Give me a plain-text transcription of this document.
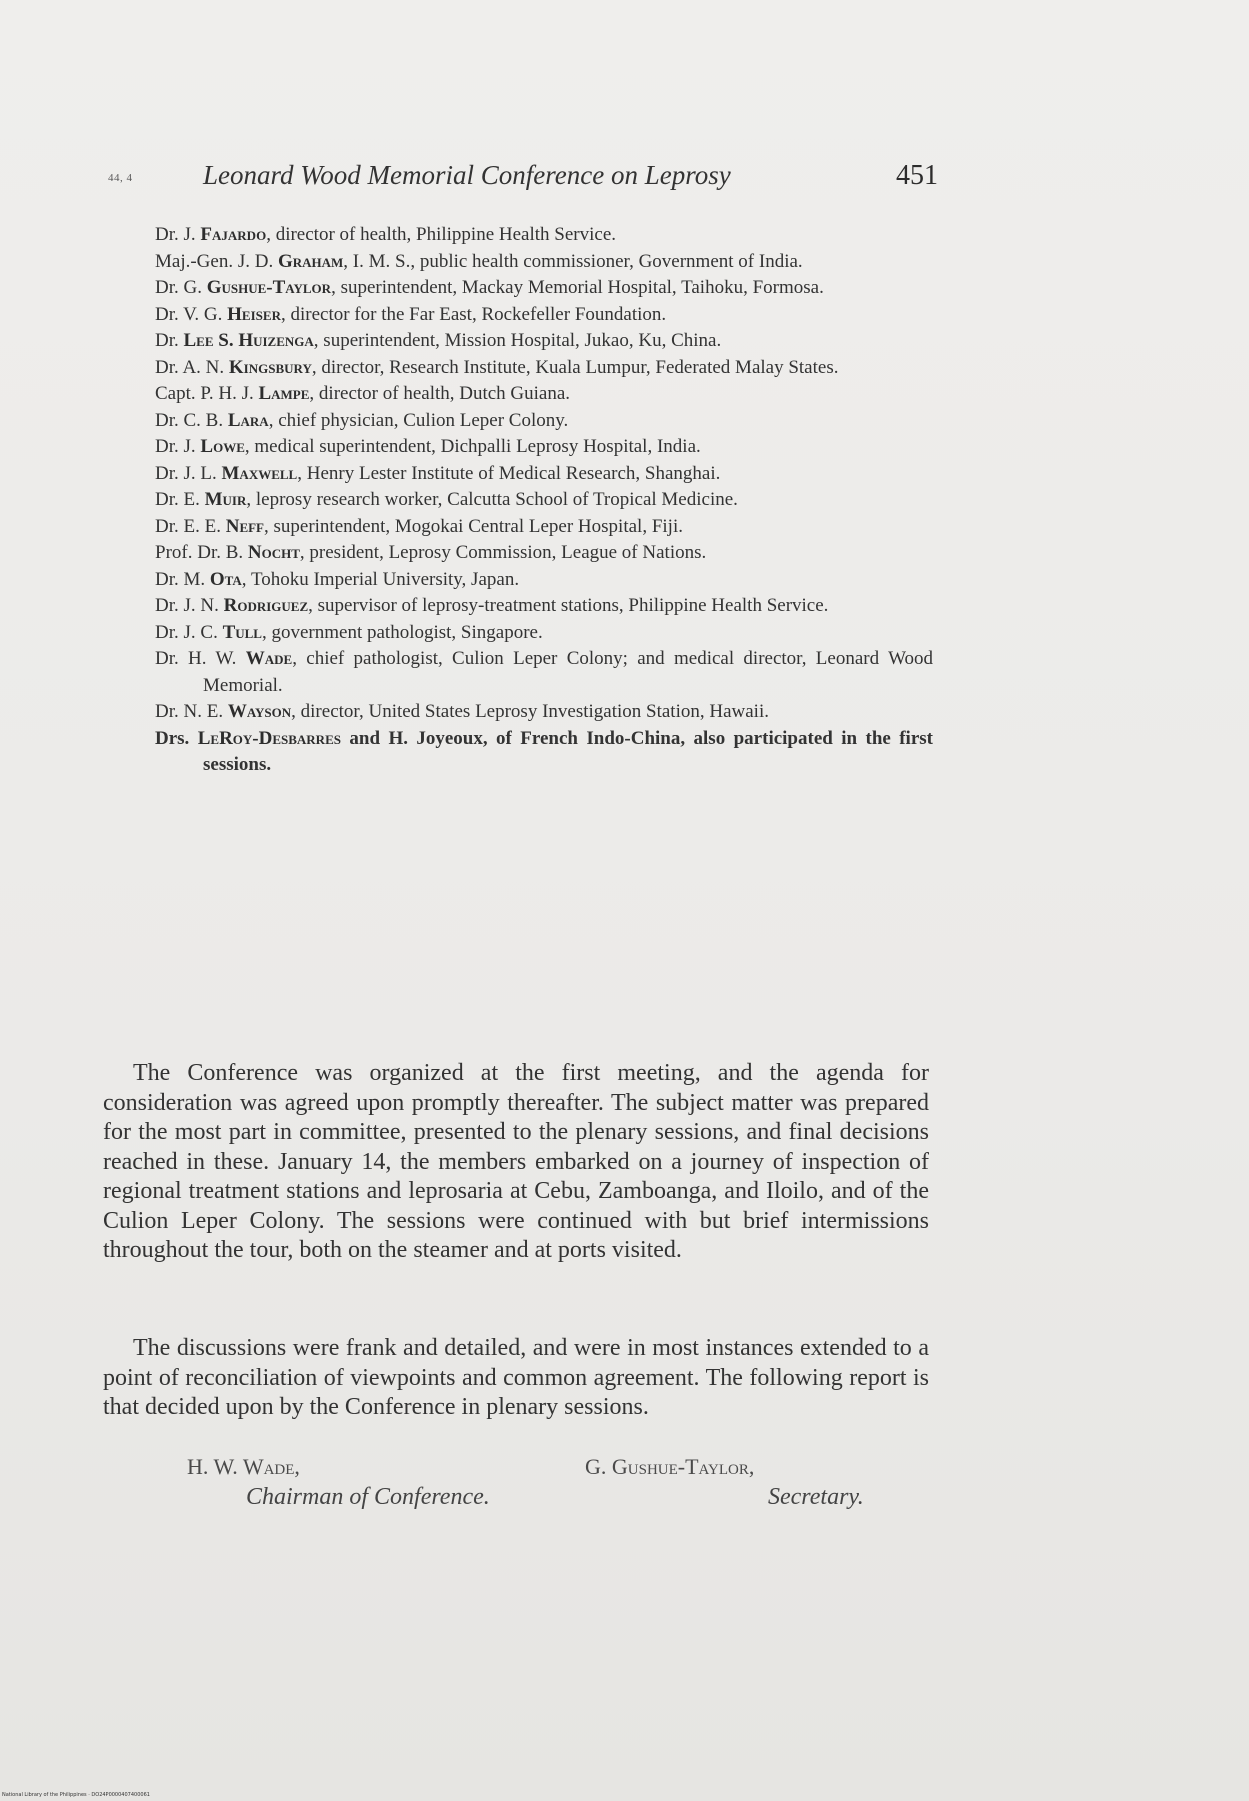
44, 4	Leonard Wood Memorial Conference on Leprosy	451
Dr. J. Fajardo, director of health, Philippine Health Service.
Maj.-Gen. J. D. Graham, I. M. S., public health commissioner, Government of India.
Dr. G. Gushue-Taylor, superintendent, Mackay Memorial Hospital, Taihoku, Formosa.
Dr. V. G. Heiser, director for the Far East, Rockefeller Foundation.
Dr. Lee S. Huizenga, superintendent, Mission Hospital, Jukao, Ku, China.
Dr. A. N. Kingsbury, director, Research Institute, Kuala Lumpur, Federated Malay States.
Capt. P. H. J. Lampe, director of health, Dutch Guiana.
Dr. C. B. Lara, chief physician, Culion Leper Colony.
Dr. J. Lowe, medical superintendent, Dichpalli Leprosy Hospital, India.
Dr. J. L. Maxwell, Henry Lester Institute of Medical Research, Shanghai.
Dr. E. Muir, leprosy research worker, Calcutta School of Tropical Medicine.
Dr. E. E. Neff, superintendent, Mogokai Central Leper Hospital, Fiji.
Prof. Dr. B. Nocht, president, Leprosy Commission, League of Nations.
Dr. M. Ota, Tohoku Imperial University, Japan.
Dr. J. N. Rodriguez, supervisor of leprosy-treatment stations, Philippine Health Service.
Dr. J. C. Tull, government pathologist, Singapore.
Dr. H. W. Wade, chief pathologist, Culion Leper Colony; and medical director, Leonard Wood Memorial.
Dr. N. E. Wayson, director, United States Leprosy Investigation Station, Hawaii.
Drs. LeRoy-Desbarres and H. Joyeoux, of French Indo-China, also participated in the first sessions.

The Conference was organized at the first meeting, and the agenda for consideration was agreed upon promptly thereafter. The subject matter was prepared for the most part in committee, presented to the plenary sessions, and final decisions reached in these. January 14, the members embarked on a journey of inspection of regional treatment stations and leprosaria at Cebu, Zamboanga, and Iloilo, and of the Culion Leper Colony. The sessions were continued with but brief intermissions throughout the tour, both on the steamer and at ports visited.

The discussions were frank and detailed, and were in most instances extended to a point of reconciliation of viewpoints and common agreement. The following report is that decided upon by the Conference in plenary sessions.

H. W. Wade,	G. Gushue-Taylor,
Chairman of Conference.	Secretary.
National Library of the Philippines · DO24P0000407400061
